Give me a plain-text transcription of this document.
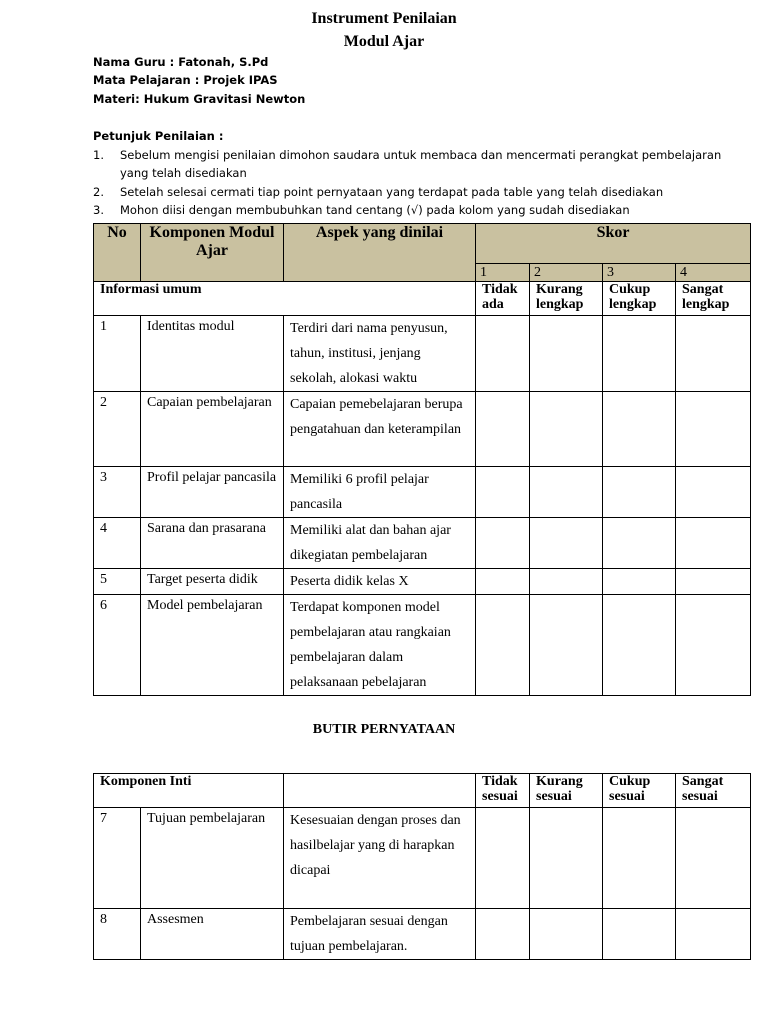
Instrument Penilaian
Modul Ajar
Nama Guru : Fatonah, S.Pd
Mata Pelajaran : Projek IPAS
Materi: Hukum Gravitasi Newton
Petunjuk Penilaian :
1. Sebelum mengisi penilaian dimohon saudara untuk membaca dan mencermati perangkat pembelajaran yang telah disediakan
2. Setelah selesai cermati tiap point pernyataan yang terdapat pada table yang telah disediakan
3. Mohon diisi dengan membubuhkan tand centang (√) pada kolom yang sudah disediakan
No	Komponen Modul Ajar	Aspek yang dinilai	Skor			
			1	2	3	4
Informasi umum			Tidak ada	Kurang lengkap	Cukup lengkap	Sangat lengkap
1	Identitas modul	Terdiri dari nama penyusun, tahun, institusi, jenjang sekolah, alokasi waktu				
2	Capaian pembelajaran	Capaian pemebelajaran berupa pengatahuan dan keterampilan				
3	Profil pelajar pancasila	Memiliki 6 profil pelajar pancasila				
4	Sarana dan prasarana	Memiliki alat dan bahan ajar dikegiatan pembelajaran				
5	Target peserta didik	Peserta didik kelas X				
6	Model pembelajaran	Terdapat komponen model pembelajaran atau rangkaian pembelajaran dalam pelaksanaan pebelajaran				
BUTIR PERNYATAAN
Komponen Inti			Tidak sesuai	Kurang sesuai	Cukup sesuai	Sangat sesuai
7	Tujuan pembelajaran	Kesesuaian dengan proses dan hasilbelajar yang di harapkan dicapai				
8	Assesmen	Pembelajaran sesuai dengan tujuan pembelajaran.				
